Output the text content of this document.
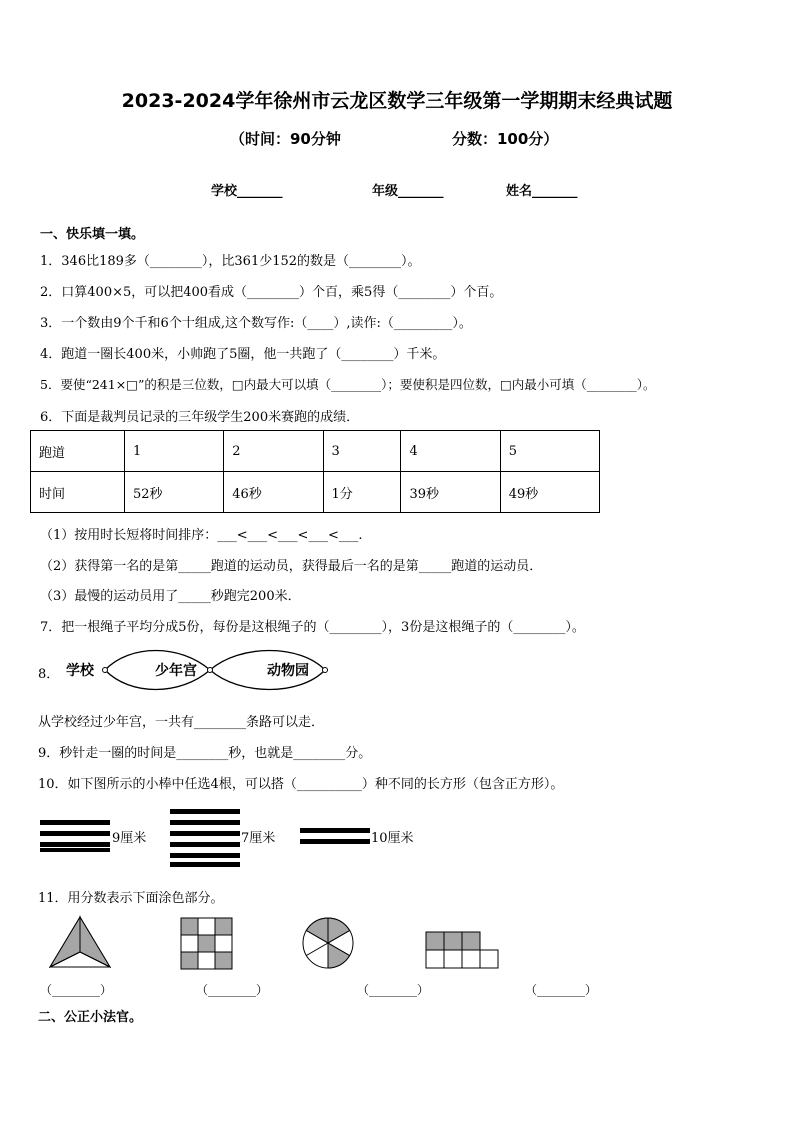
2023-2024学年徐州市云龙区数学三年级第一学期期末经典试题
（时间：90分钟	分数：100分）
学校_______	年级_______	姓名_______
一、快乐填一填。
1．346比189多（________），比361少152的数是（________）。
2．口算400×5，可以把400看成（________）个百，乘5得（________）个百。
3．一个数由9个千和6个十组成,这个数写作:（____）,读作:（_________）。
4．跑道一圈长400米，小帅跑了5圈，他一共跑了（________）千米。
5．要使“241×□”的积是三位数，□内最大可以填（________）；要使积是四位数，□内最小可填（________）。
6．下面是裁判员记录的三年级学生200米赛跑的成绩．
跑道	1	2	3	4	5
时间	52秒	46秒	1分	39秒	49秒
（1）按用时长短将时间排序：___<___<___<___<___.
（2）获得第一名的是第_____跑道的运动员，获得最后一名的是第_____跑道的运动员．
（3）最慢的运动员用了_____秒跑完200米．
7．把一根绳子平均分成5份，每份是这根绳子的（________），3份是这根绳子的（________）。
8． 学校	少年宫	动物园
从学校经过少年宫，一共有________条路可以走．
9．秒针走一圈的时间是________秒，也就是________分。
10．如下图所示的小棒中任选4根，可以搭（__________）种不同的长方形（包含正方形）。
9厘米	7厘米	10厘米
11．用分数表示下面涂色部分。
（________）	（________）	（________）	（________）
二、公正小法官。
